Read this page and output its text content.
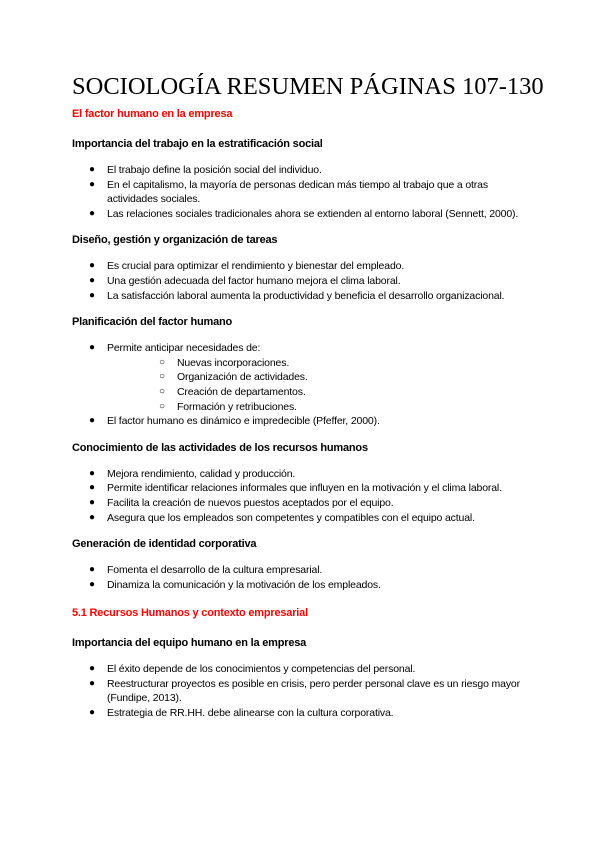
SOCIOLOGÍA RESUMEN PÁGINAS 107-130
El factor humano en la empresa
Importancia del trabajo en la estratificación social
● El trabajo define la posición social del individuo.
● En el capitalismo, la mayoría de personas dedican más tiempo al trabajo que a otras actividades sociales.
● Las relaciones sociales tradicionales ahora se extienden al entorno laboral (Sennett, 2000).
Diseño, gestión y organización de tareas
● Es crucial para optimizar el rendimiento y bienestar del empleado.
● Una gestión adecuada del factor humano mejora el clima laboral.
● La satisfacción laboral aumenta la productividad y beneficia el desarrollo organizacional.
Planificación del factor humano
● Permite anticipar necesidades de:
○ Nuevas incorporaciones.
○ Organización de actividades.
○ Creación de departamentos.
○ Formación y retribuciones.
● El factor humano es dinámico e impredecible (Pfeffer, 2000).
Conocimiento de las actividades de los recursos humanos
● Mejora rendimiento, calidad y producción.
● Permite identificar relaciones informales que influyen en la motivación y el clima laboral.
● Facilita la creación de nuevos puestos aceptados por el equipo.
● Asegura que los empleados son competentes y compatibles con el equipo actual.
Generación de identidad corporativa
● Fomenta el desarrollo de la cultura empresarial.
● Dinamiza la comunicación y la motivación de los empleados.
5.1 Recursos Humanos y contexto empresarial
Importancia del equipo humano en la empresa
● El éxito depende de los conocimientos y competencias del personal.
● Reestructurar proyectos es posible en crisis, pero perder personal clave es un riesgo mayor (Fundipe, 2013).
● Estrategia de RR.HH. debe alinearse con la cultura corporativa.
